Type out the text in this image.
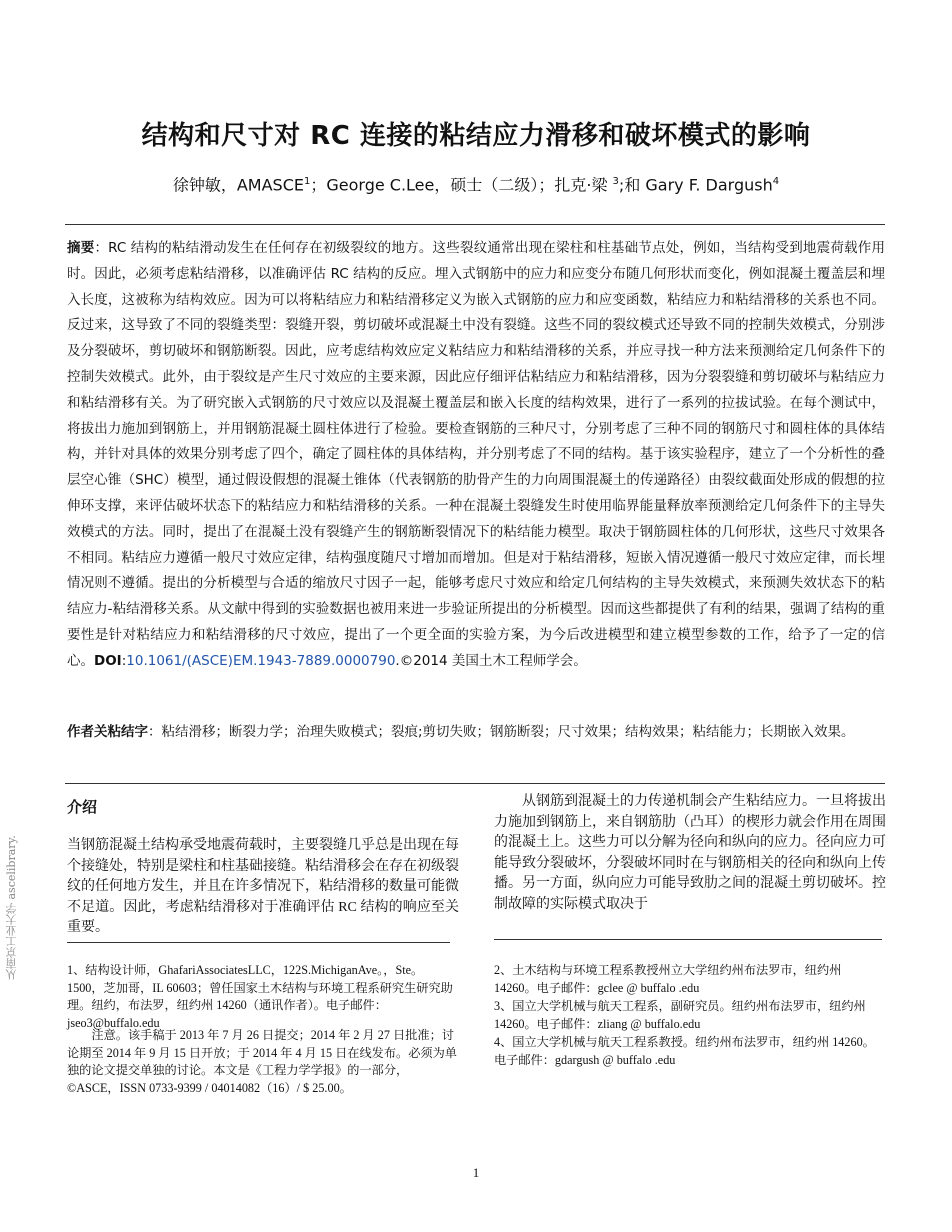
结构和尺寸对 RC 连接的粘结应力滑移和破坏模式的影响
徐钟敏，AMASCE$^1$；George C.Lee，硕士（二级）；扎克·梁 $^3$;和 Gary F. Dargush$^4$

摘要：RC 结构的粘结滑动发生在任何存在初级裂纹的地方。这些裂纹通常出现在梁柱和柱基础节点处，例如，当结构受到地震荷载作用时。因此，必须考虑粘结滑移，以准确评估 RC 结构的反应。埋入式钢筋中的应力和应变分布随几何形状而变化，例如混凝土覆盖层和埋入长度，这被称为结构效应。因为可以将粘结应力和粘结滑移定义为嵌入式钢筋的应力和应变函数，粘结应力和粘结滑移的关系也不同。反过来，这导致了不同的裂缝类型：裂缝开裂，剪切破坏或混凝土中没有裂缝。这些不同的裂纹模式还导致不同的控制失效模式，分别涉及分裂破坏，剪切破坏和钢筋断裂。因此，应考虑结构效应定义粘结应力和粘结滑移的关系，并应寻找一种方法来预测给定几何条件下的控制失效模式。此外，由于裂纹是产生尺寸效应的主要来源，因此应仔细评估粘结应力和粘结滑移，因为分裂裂缝和剪切破坏与粘结应力和粘结滑移有关。为了研究嵌入式钢筋的尺寸效应以及混凝土覆盖层和嵌入长度的结构效果，进行了一系列的拉拔试验。在每个测试中，将拔出力施加到钢筋上，并用钢筋混凝土圆柱体进行了检验。要检查钢筋的三种尺寸，分别考虑了三种不同的钢筋尺寸和圆柱体的具体结构，并针对具体的效果分别考虑了四个，确定了圆柱体的具体结构，并分别考虑了不同的结构。基于该实验程序，建立了一个分析性的叠层空心锥（SHC）模型，通过假设假想的混凝土锥体（代表钢筋的肋骨产生的力向周围混凝土的传递路径）由裂纹截面处形成的假想的拉伸环支撑，来评估破坏状态下的粘结应力和粘结滑移的关系。一种在混凝土裂缝发生时使用临界能量释放率预测给定几何条件下的主导失效模式的方法。同时，提出了在混凝土没有裂缝产生的钢筋断裂情况下的粘结能力模型。取决于钢筋圆柱体的几何形状，这些尺寸效果各不相同。粘结应力遵循一般尺寸效应定律，结构强度随尺寸增加而增加。但是对于粘结滑移，短嵌入情况遵循一般尺寸效应定律，而长埋情况则不遵循。提出的分析模型与合适的缩放尺寸因子一起，能够考虑尺寸效应和给定几何结构的主导失效模式，来预测失效状态下的粘结应力-粘结滑移关系。从文献中得到的实验数据也被用来进一步验证所提出的分析模型。因而这些都提供了有利的结果，强调了结构的重要性是针对粘结应力和粘结滑移的尺寸效应，提出了一个更全面的实验方案，为今后改进模型和建立模型参数的工作，给予了一定的信心。DOI:10.1061/(ASCE)EM.1943-7889.0000790.©2014 美国土木工程师学会。

作者关粘结字：粘结滑移；断裂力学；治理失败模式；裂痕;剪切失败；钢筋断裂；尺寸效果；结构效果；粘结能力；长期嵌入效果。

从南京工业大学 ascelibrary.
介绍

当钢筋混凝土结构承受地震荷载时，主要裂缝几乎总是出现在每个接缝处，特别是梁柱和柱基础接缝。粘结滑移会在存在初级裂纹的任何地方发生，并且在许多情况下，粘结滑移的数量可能微不足道。因此，考虑粘结滑移对于准确评估 RC 结构的响应至关重要。

从钢筋到混凝土的力传递机制会产生粘结应力。一旦将拔出力施加到钢筋上，来自钢筋肋（凸耳）的楔形力就会作用在周围的混凝土上。这些力可以分解为径向和纵向的应力。径向应力可能导致分裂破坏，分裂破坏同时在与钢筋相关的径向和纵向上传播。另一方面，纵向应力可能导致肋之间的混凝土剪切破坏。控制故障的实际模式取决于

1、结构设计师，GhafariAssociatesLLC，122S.MichiganAve。，Ste。1500，芝加哥，IL 60603；曾任国家土木结构与环境工程系研究生研究助理。纽约，布法罗，纽约州 14260（通讯作者）。电子邮件：jseo3@buffalo.edu

注意。该手稿于 2013 年 7 月 26 日提交；2014 年 2 月 27 日批准；讨论期至 2014 年 9 月 15 日开放；于 2014 年 4 月 15 日在线发布。必须为单独的论文提交单独的讨论。本文是《工程力学学报》的一部分，©ASCE，ISSN 0733-9399 / 04014082（16）/ $ 25.00。

2、土木结构与环境工程系教授州立大学纽约州布法罗市，纽约州 14260。电子邮件：gclee @ buffalo .edu

3、国立大学机械与航天工程系，副研究员。纽约州布法罗市，纽约州 14260。电子邮件：zliang @ buffalo.edu

4、国立大学机械与航天工程系教授。纽约州布法罗市，纽约州 14260。电子邮件：gdargush @ buffalo .edu

1
